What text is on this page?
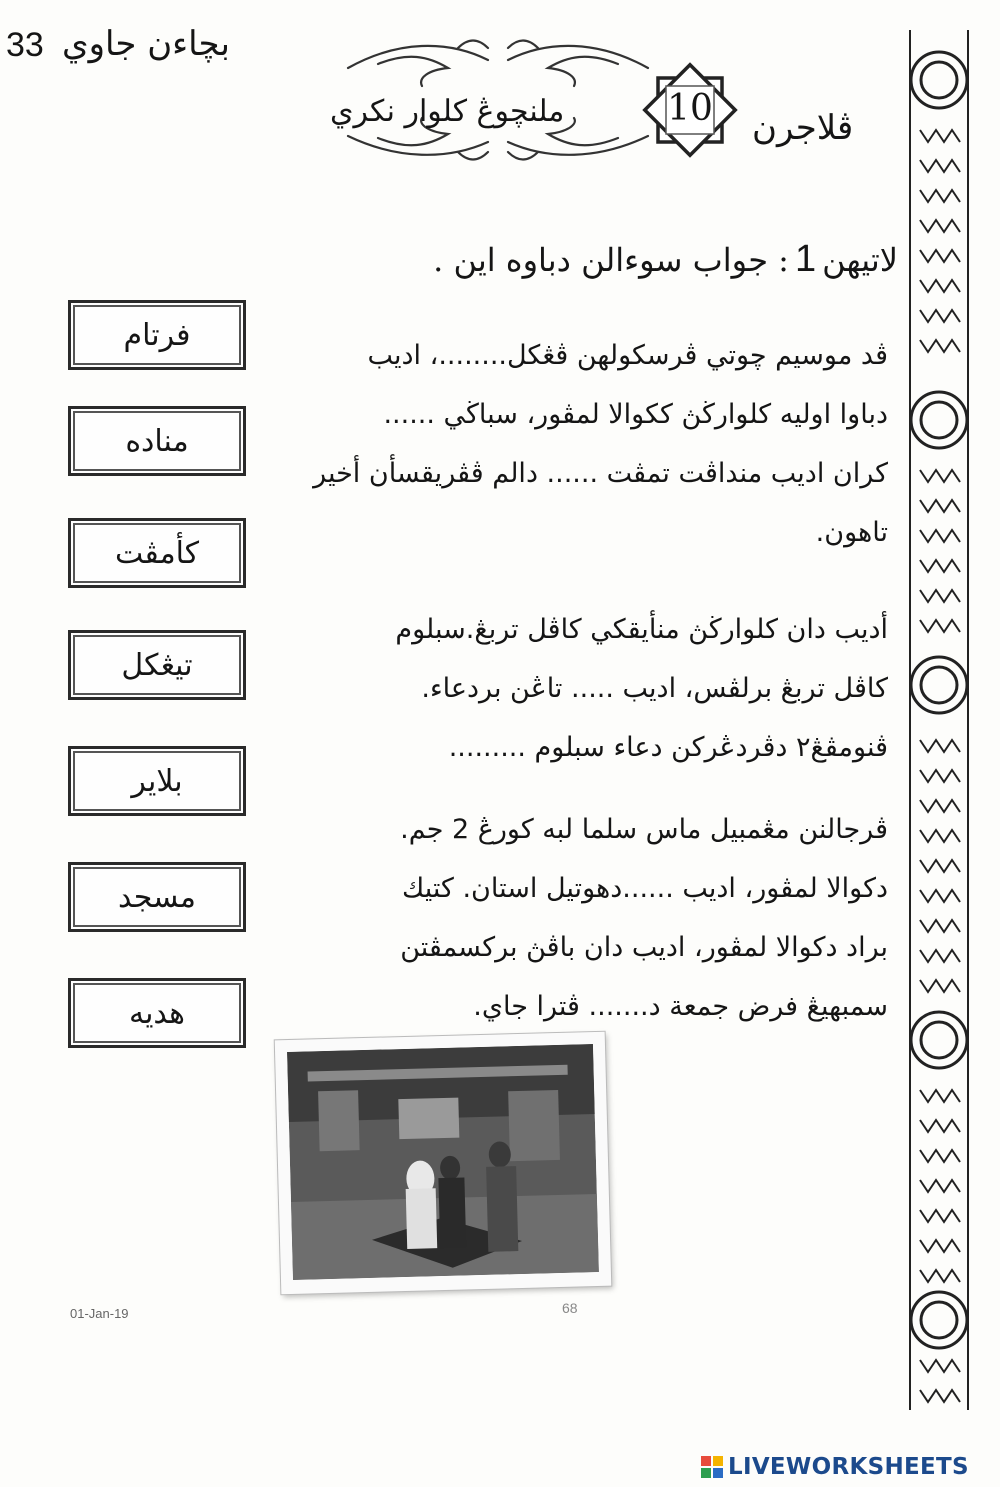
33 بچاءن جاوي
ملنچوڠ كلوار نكري	10	ڤلاجرن
لاتيهن1: جواب سوءالن دباوه اين .
ڤد موسيم چوتي ڤرسكولهن ڤڠكل........، اديب
دباوا اوليه كلوارڬڽ ككوالا لمڤور، سباڬي ......
كران اديب منداڤت تمڤت ...... دالم ڤڤريقسأن أخير
تاهون.
أديب دان كلوارڬڽ منأيقكي كاڤل تربڠ.سبلوم
كاڤل تربڠ برلڤس، اديب ..... تاڠن بردعاء.
ڤنومڤڠ٢ دڤردڠركن دعاء سبلوم .........
ڤرجالنن مڠمبيل ماس سلما لبه كورڠ 2 جم.
دكوالا لمڤور، اديب ......دهوتيل استان. كتيك
براد دكوالا لمڤور، اديب دان باڤڽ بركسمڤتن
سمبهيڠ فرض جمعة د....... ڤترا جاي.
فرتام
مناده
كأمڤت
تيڠكل
بلاير
مسجد
هديه
01-Jan-19	68
LIVEWORKSHEETS
